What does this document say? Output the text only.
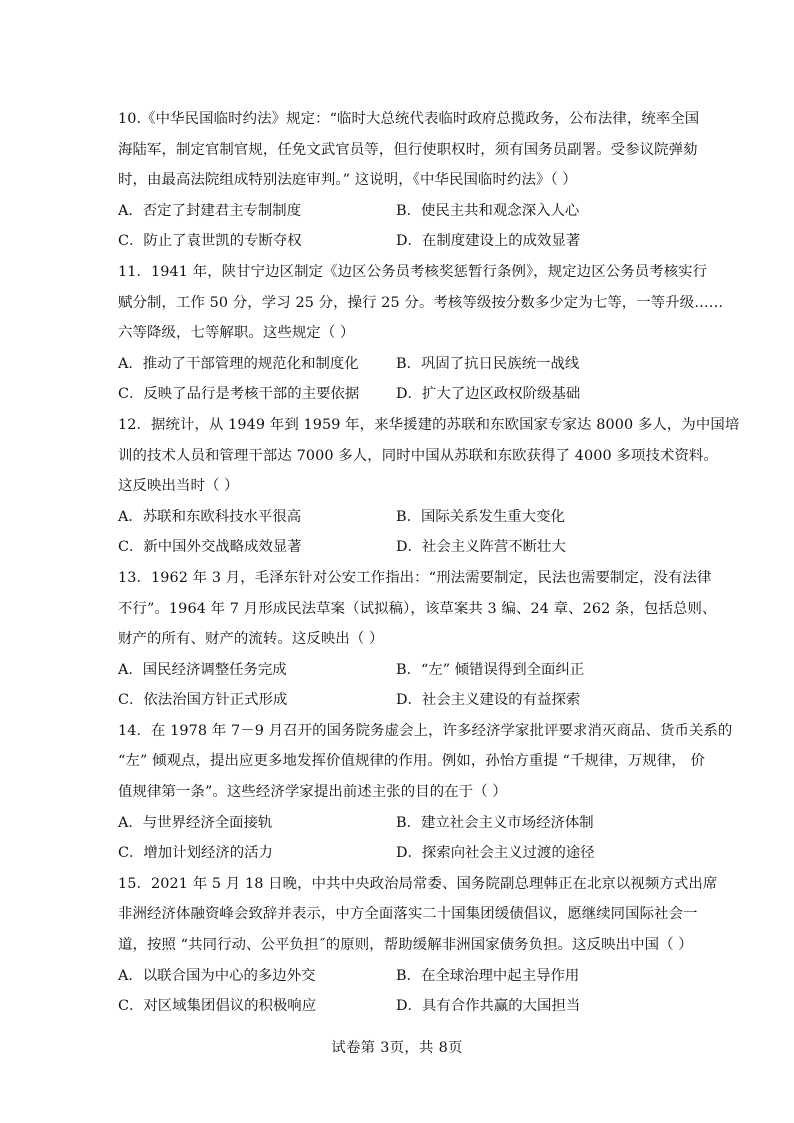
10.《中华民国临时约法》规定：“临时大总统代表临时政府总揽政务，公布法律，统率全国
海陆军，制定官制官规，任免文武官员等，但行使职权时，须有国务员副署。受参议院弹劾
时，由最高法院组成特别法庭审判。” 这说明，《中华民国临时约法》（ ）
A．否定了封建君主专制制度	B．使民主共和观念深入人心
C．防止了袁世凯的专断夺权	D．在制度建设上的成效显著
11．1941 年，陕甘宁边区制定《边区公务员考核奖惩暂行条例》，规定边区公务员考核实行
赋分制，工作 50 分，学习 25 分，操行 25 分。考核等级按分数多少定为七等，一等升级……
六等降级，七等解职。这些规定（ ）
A．推动了干部管理的规范化和制度化	B．巩固了抗日民族统一战线
C．反映了品行是考核干部的主要依据	D．扩大了边区政权阶级基础
12．据统计，从 1949 年到 1959 年，来华援建的苏联和东欧国家专家达 8000 多人，为中国培
训的技术人员和管理干部达 7000 多人，同时中国从苏联和东欧获得了 4000 多项技术资料。
这反映出当时（ ）
A．苏联和东欧科技水平很高	B．国际关系发生重大变化
C．新中国外交战略成效显著	D．社会主义阵营不断壮大
13．1962 年 3 月，毛泽东针对公安工作指出：“刑法需要制定，民法也需要制定，没有法律
不行”。1964 年 7 月形成民法草案（试拟稿），该草案共 3 编、24 章、262 条，包括总则、
财产的所有、财产的流转。这反映出（ ）
A．国民经济调整任务完成	B．“左” 倾错误得到全面纠正
C．依法治国方针正式形成	D．社会主义建设的有益探索
14．在 1978 年 7－9 月召开的国务院务虚会上，许多经济学家批评要求消灭商品、货币关系的
“左” 倾观点，提出应更多地发挥价值规律的作用。例如，孙怡方重提 “千规律，万规律， 价
值规律第一条”。这些经济学家提出前述主张的目的在于（ ）
A．与世界经济全面接轨	B．建立社会主义市场经济体制
C．增加计划经济的活力	D．探索向社会主义过渡的途径
15．2021 年 5 月 18 日晚，中共中央政治局常委、国务院副总理韩正在北京以视频方式出席
非洲经济体融资峰会致辞并表示，中方全面落实二十国集团缓债倡议，愿继续同国际社会一
道，按照 “共同行动、公平负担˝的原则，帮助缓解非洲国家债务负担。这反映出中国（ ）
A．以联合国为中心的多边外交	B．在全球治理中起主导作用
C．对区域集团倡议的积极响应	D．具有合作共赢的大国担当
试卷第 3页，共 8页
